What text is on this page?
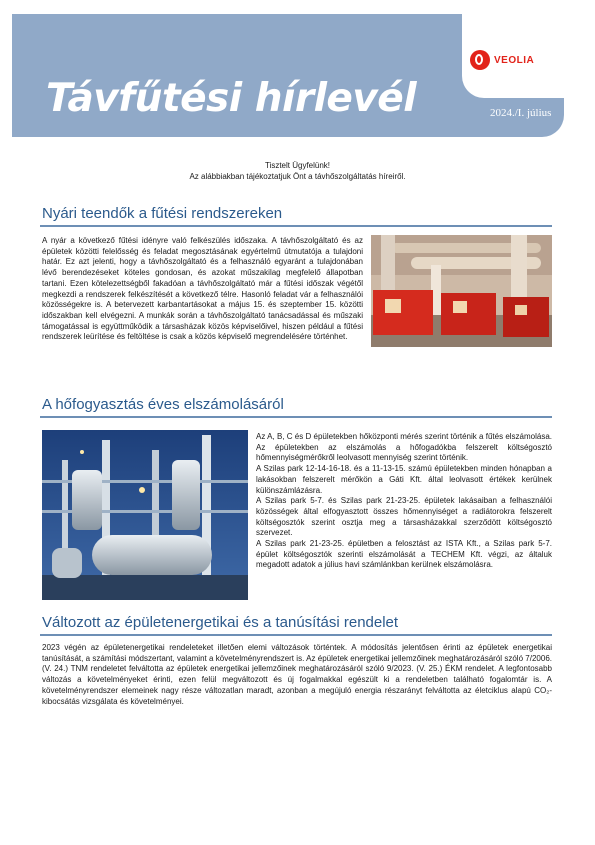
VEOLIA
Távfűtési hírlevél	2024./I. július
Tisztelt Ügyfelünk!
Az alábbiakban tájékoztatjuk Önt a távhőszolgáltatás híreiről.
Nyári teendők a fűtési rendszereken

A nyár a következő fűtési idényre való felkészülés időszaka. A távhőszolgáltató és az épületek közötti felelősség és feladat megosztásának egyértelmű útmutatója a tulajdoni határ. Ez azt jelenti, hogy a távhőszolgáltató és a felhasználó egyaránt a tulajdonában lévő berendezéseket köteles gondosan, és azokat műszakilag megfelelő állapotban tartani. Ezen kötelezettségből fakadóan a távhőszolgáltató már a fűtési időszak végétől megkezdi a rendszerek felkészítését a következő télre. Hasonló feladat vár a felhasználói közösségekre is. A betervezett karbantartásokat a május 15. és szeptember 15. közötti időszakban kell elvégezni. A munkák során a távhőszolgáltató tanácsadással és műszaki támogatással is együttműködik a társasházak közös képviselőivel, hiszen például a fűtési rendszerek leürítése és feltöltése is csak a közös képviselő megrendelésére történhet.

A hőfogyasztás éves elszámolásáról

Az A, B, C és D épületekben hőközponti mérés szerint történik a fűtés elszámolása. Az épületekben az elszámolás a hőfogadókba felszerelt költségosztó hőmennyiségmérőkről leolvasott mennyiség szerint történik.

A Szilas park 12-14-16-18. és a 11-13-15. számú épületekben minden hónapban a lakásokban felszerelt mérőkön a Gáti Kft. által leolvasott értékek kerülnek különszámlázásra.

A Szilas park 5-7. és Szilas park 21-23-25. épületek lakásaiban a felhasználói közösségek által elfogyasztott összes hőmennyiséget a radiátorokra felszerelt költségosztók szerint osztja meg a társasházakkal szerződött költségosztó szervezet.

A Szilas park 21-23-25. épületben a felosztást az ISTA Kft., a Szilas park 5-7. épület költségosztók szerinti elszámolását a TECHEM Kft. végzi, az általuk megadott adatok a július havi számlánkban kerülnek elszámolásra.

Változott az épületenergetikai és a tanúsítási rendelet

2023 végén az épületenergetikai rendeleteket illetően elemi változások történtek. A módosítás jelentősen érinti az épületek energetikai tanúsítását, a számítási módszertant, valamint a követelményrendszert is. Az épületek energetikai jellemzőinek meghatározásáról szóló 7/2006. (V. 24.) TNM rendeletet felváltotta az épületek energetikai jellemzőinek meghatározásáról szóló 9/2023. (V. 25.) ÉKM rendelet. A legfontosabb változás a követelményeket érinti, ezen felül megváltozott és új fogalmakkal egészült ki a rendeletben található fogalomtár is. A követelményrendszer elemeinek nagy része változatlan maradt, azonban a megújuló energia részarányt felváltotta az életciklus alapú CO₂-kibocsátás vizsgálata és követelményei.
